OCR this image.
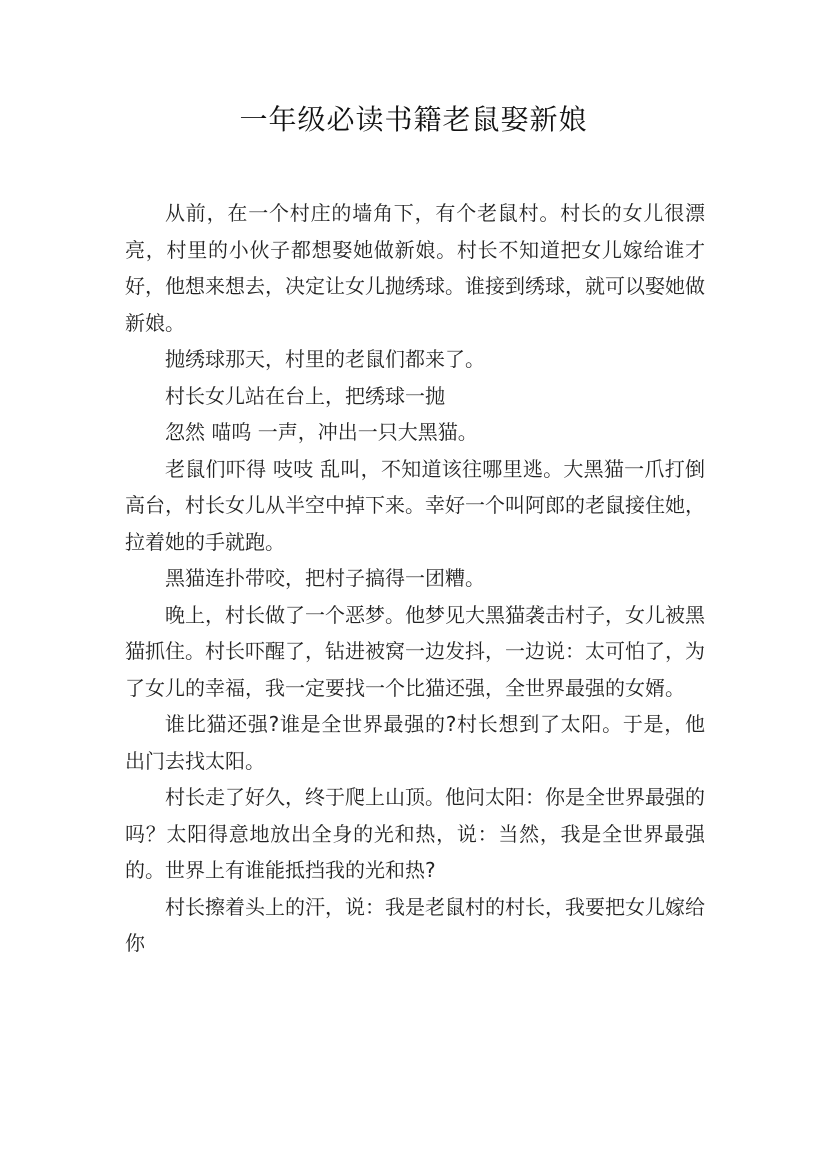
一年级必读书籍老鼠娶新娘

从前，在一个村庄的墙角下，有个老鼠村。村长的女儿很漂亮，村里的小伙子都想娶她做新娘。村长不知道把女儿嫁给谁才好，他想来想去，决定让女儿抛绣球。谁接到绣球，就可以娶她做新娘。

抛绣球那天，村里的老鼠们都来了。

村长女儿站在台上，把绣球一抛

忽然 喵呜 一声，冲出一只大黑猫。

老鼠们吓得 吱吱 乱叫，不知道该往哪里逃。大黑猫一爪打倒高台，村长女儿从半空中掉下来。幸好一个叫阿郎的老鼠接住她，拉着她的手就跑。

黑猫连扑带咬，把村子搞得一团糟。

晚上，村长做了一个恶梦。他梦见大黑猫袭击村子，女儿被黑猫抓住。村长吓醒了，钻进被窝一边发抖，一边说：太可怕了，为了女儿的幸福，我一定要找一个比猫还强，全世界最强的女婿。

谁比猫还强?谁是全世界最强的?村长想到了太阳。于是，他出门去找太阳。

村长走了好久，终于爬上山顶。他问太阳：你是全世界最强的吗？太阳得意地放出全身的光和热，说：当然，我是全世界最强的。世界上有谁能抵挡我的光和热?

村长擦着头上的汗，说：我是老鼠村的村长，我要把女儿嫁给你
